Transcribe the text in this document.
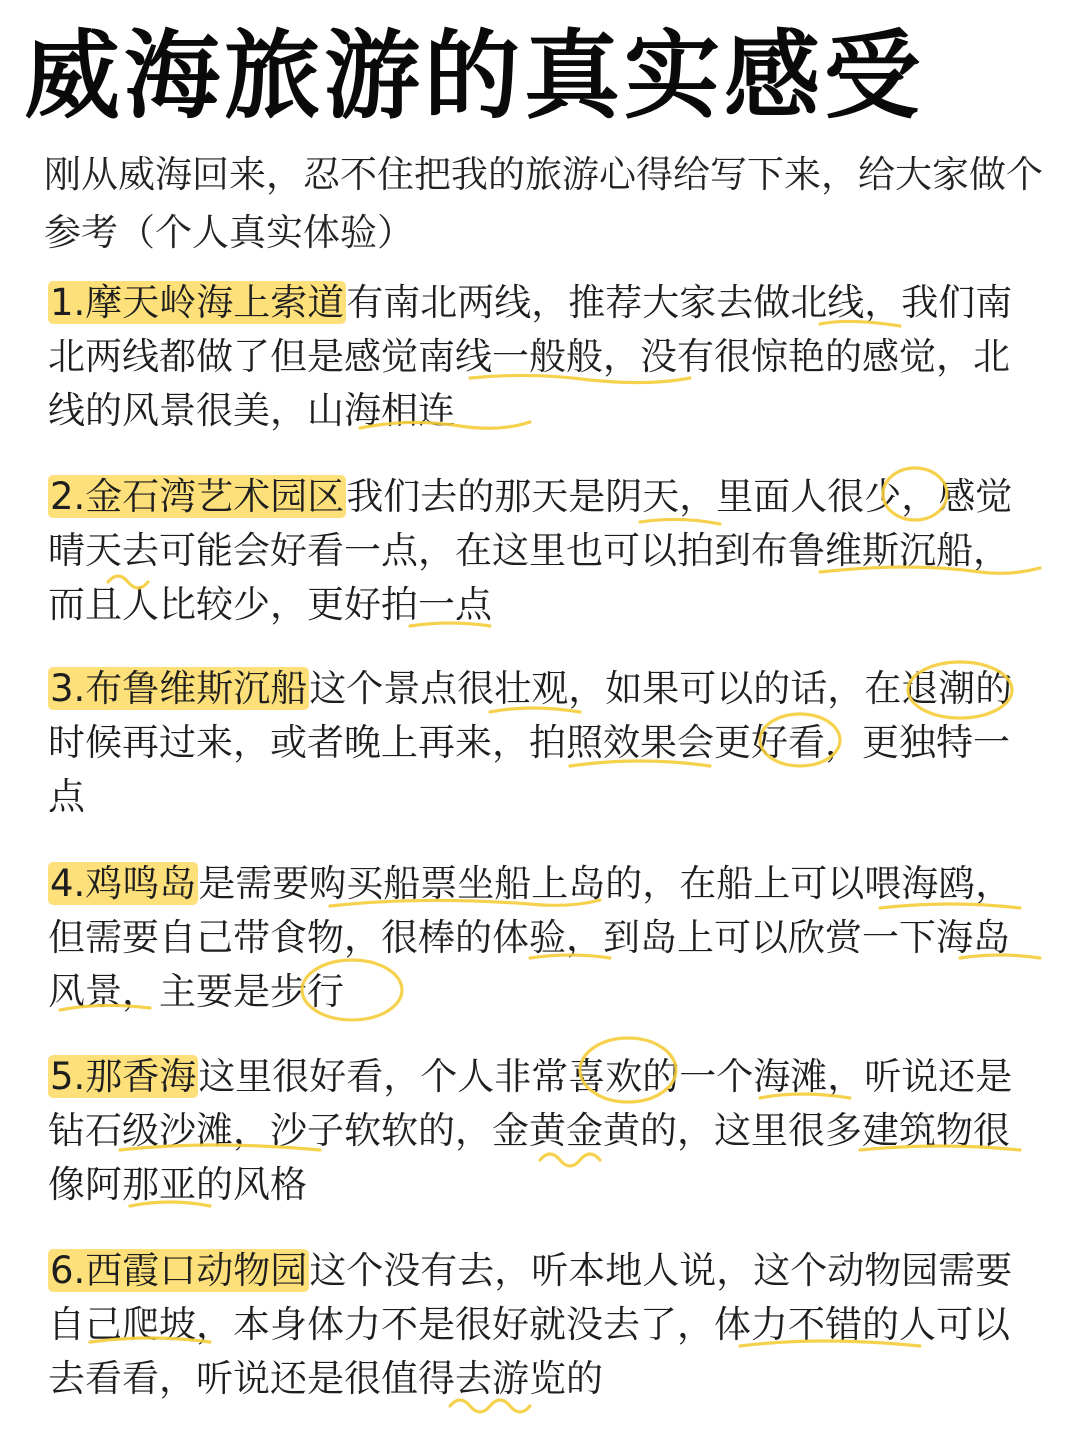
威海旅游的真实感受
刚从威海回来，忍不住把我的旅游心得给写下来，给大家做个参考（个人真实体验）
1.摩天岭海上索道有南北两线，推荐大家去做北线，我们南北两线都做了但是感觉南线一般般，没有很惊艳的感觉，北线的风景很美，山海相连
2.金石湾艺术园区我们去的那天是阴天，里面人很少，感觉晴天去可能会好看一点，在这里也可以拍到布鲁维斯沉船，而且人比较少，更好拍一点
3.布鲁维斯沉船这个景点很壮观，如果可以的话，在退潮的时候再过来，或者晚上再来，拍照效果会更好看，更独特一点
4.鸡鸣岛是需要购买船票坐船上岛的，在船上可以喂海鸥，但需要自己带食物，很棒的体验，到岛上可以欣赏一下海岛风景，主要是步行
5.那香海这里很好看，个人非常喜欢的一个海滩，听说还是钻石级沙滩，沙子软软的，金黄金黄的，这里很多建筑物很像阿那亚的风格
6.西霞口动物园这个没有去，听本地人说，这个动物园需要自己爬坡，本身体力不是很好就没去了，体力不错的人可以去看看，听说还是很值得去游览的
